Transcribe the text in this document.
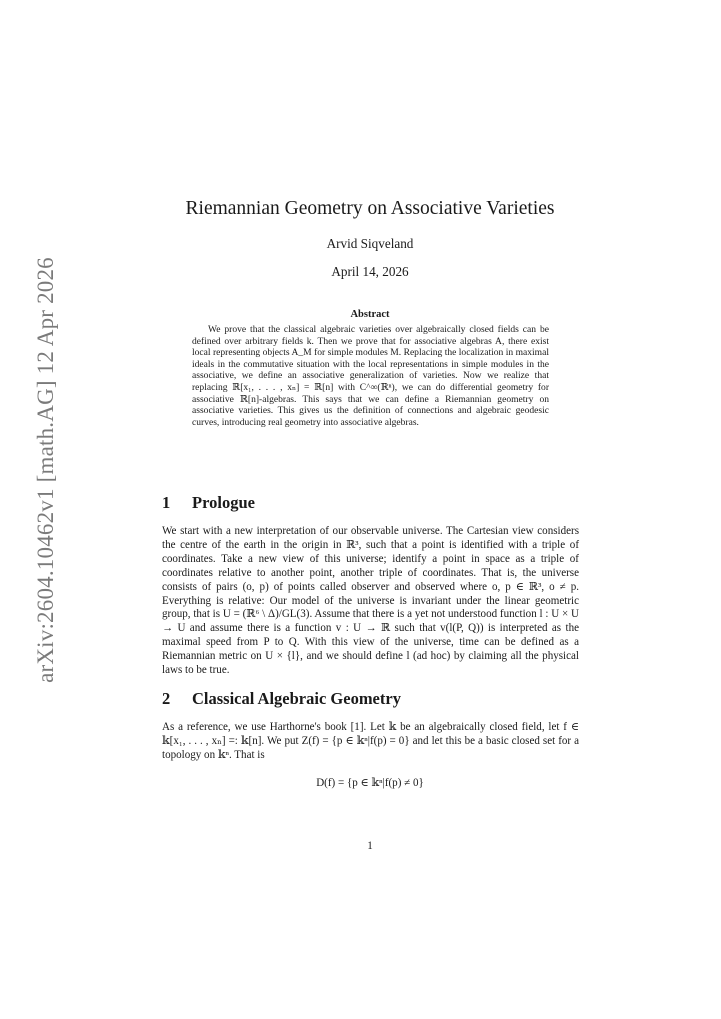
arXiv:2604.10462v1 [math.AG] 12 Apr 2026
Riemannian Geometry on Associative Varieties
Arvid Siqveland
April 14, 2026
Abstract
We prove that the classical algebraic varieties over algebraically closed fields can be defined over arbitrary fields k. Then we prove that for associative algebras A, there exist local representing objects A_M for simple modules M. Replacing the localization in maximal ideals in the commutative situation with the local representations in simple modules in the associative, we define an associative generalization of varieties. Now we realize that replacing ℝ[x₁, . . . , xₙ] = ℝ[n] with C^∞(ℝⁿ), we can do differential geometry for associative ℝ[n]-algebras. This says that we can define a Riemannian geometry on associative varieties. This gives us the definition of connections and algebraic geodesic curves, introducing real geometry into associative algebras.
1 Prologue
We start with a new interpretation of our observable universe. The Cartesian view considers the centre of the earth in the origin in ℝ³, such that a point is identified with a triple of coordinates. Take a new view of this universe; identify a point in space as a triple of coordinates relative to another point, another triple of coordinates. That is, the universe consists of pairs (o, p) of points called observer and observed where o, p ∈ ℝ³, o ≠ p. Everything is relative: Our model of the universe is invariant under the linear geometric group, that is U = (ℝ⁶ \ Δ)/GL(3). Assume that there is a yet not understood function l : U × U → U and assume there is a function v : U → ℝ such that v(l(P, Q)) is interpreted as the maximal speed from P to Q. With this view of the universe, time can be defined as a Riemannian metric on U × {l}, and we should define l (ad hoc) by claiming all the physical laws to be true.
2 Classical Algebraic Geometry
As a reference, we use Harthorne's book [1]. Let 𝕜 be an algebraically closed field, let f ∈ 𝕜[x₁, . . . , xₙ] =: 𝕜[n]. We put Z(f) = {p ∈ 𝕜ⁿ|f(p) = 0} and let this be a basic closed set for a topology on 𝕜ⁿ. That is
D(f) = {p ∈ 𝕜ⁿ|f(p) ≠ 0}
1
